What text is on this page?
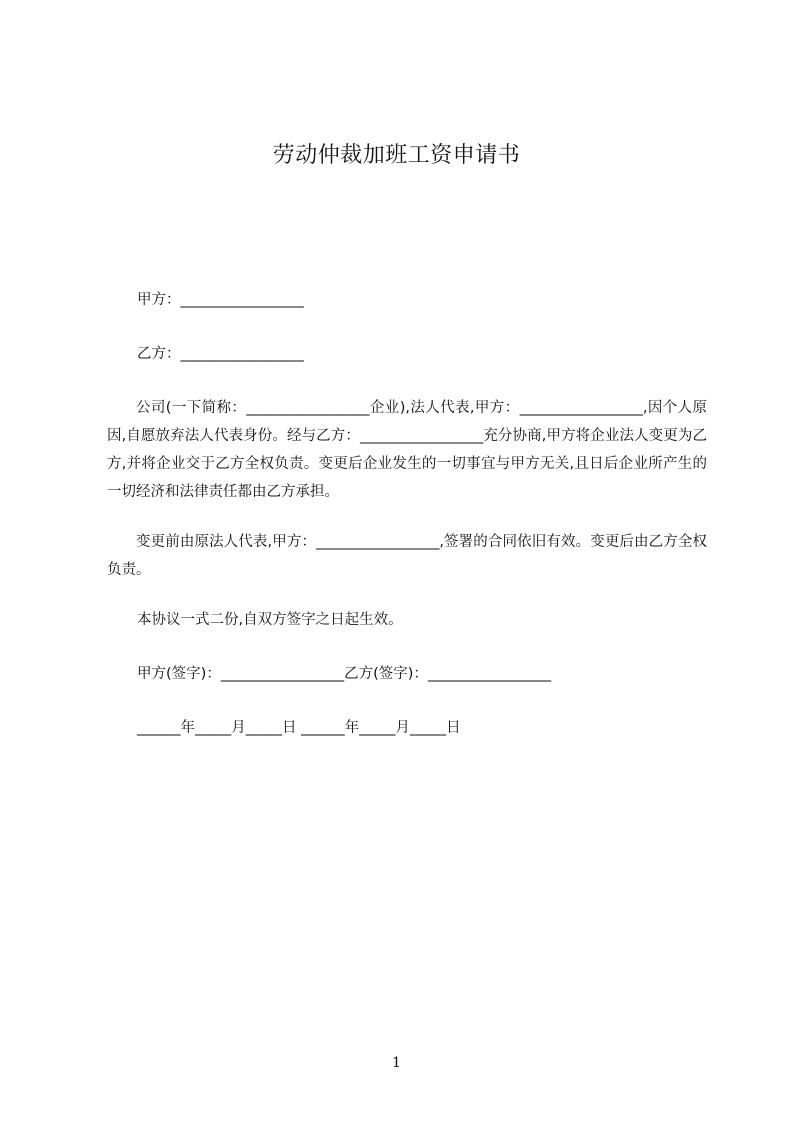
劳动仲裁加班工资申请书

甲方：_________________

乙方：_________________

公司(一下简称：_________________企业),法人代表,甲方：_________________,因个人原因,自愿放弃法人代表身份。经与乙方：_________________充分协商,甲方将企业法人变更为乙方,并将企业交于乙方全权负责。变更后企业发生的一切事宜与甲方无关,且日后企业所产生的一切经济和法律责任都由乙方承担。

变更前由原法人代表,甲方：_________________,签署的合同依旧有效。变更后由乙方全权负责。

本协议一式二份,自双方签字之日起生效。

甲方(签字)：_________________乙方(签字)：_________________

______年_____月_____日 ______年_____月_____日

1
